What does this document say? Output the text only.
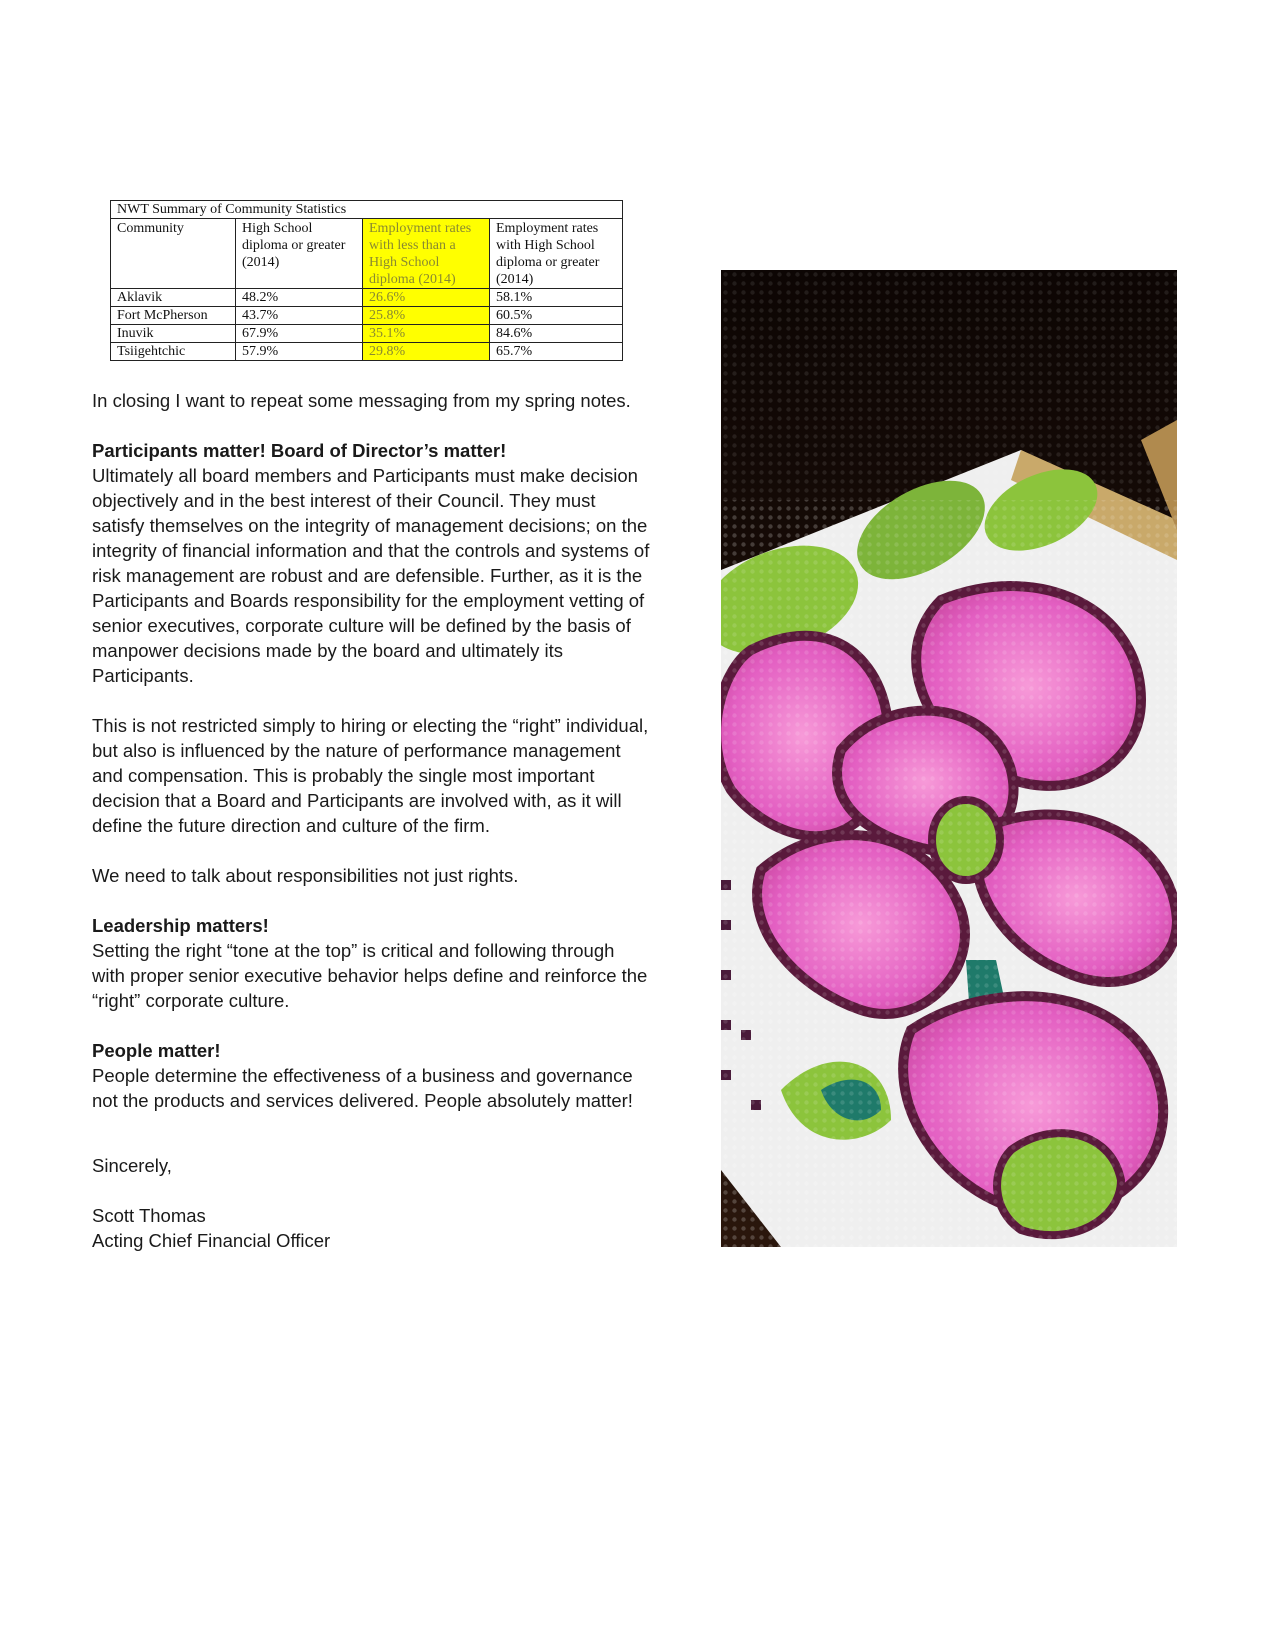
NWT Summary of Community Statistics			
Community	High School diploma or greater (2014)	Employment rates with less than a High School diploma (2014)	Employment rates with High School diploma or greater (2014)
Aklavik	48.2%	26.6%	58.1%
Fort McPherson	43.7%	25.8%	60.5%
Inuvik	67.9%	35.1%	84.6%
Tsiigehtchic	57.9%	29.8%	65.7%

In closing I want to repeat some messaging from my spring notes.

Participants matter! Board of Director’s matter!
Ultimately all board members and Participants must make decision objectively and in the best interest of their Council. They must satisfy themselves on the integrity of management decisions; on the integrity of financial information and that the controls and systems of risk management are robust and are defensible. Further, as it is the Participants and Boards responsibility for the employment vetting of senior executives, corporate culture will be defined by the basis of manpower decisions made by the board and ultimately its Participants.

This is not restricted simply to hiring or electing the “right” individual, but also is influenced by the nature of performance management and compensation. This is probably the single most important decision that a Board and Participants are involved with, as it will define the future direction and culture of the firm.

We need to talk about responsibilities not just rights.

Leadership matters!
Setting the right “tone at the top” is critical and following through with proper senior executive behavior helps define and reinforce the “right” corporate culture.

People matter!
People determine the effectiveness of a business and governance not the products and services delivered. People absolutely matter!

Sincerely,

Scott Thomas
Acting Chief Financial Officer
